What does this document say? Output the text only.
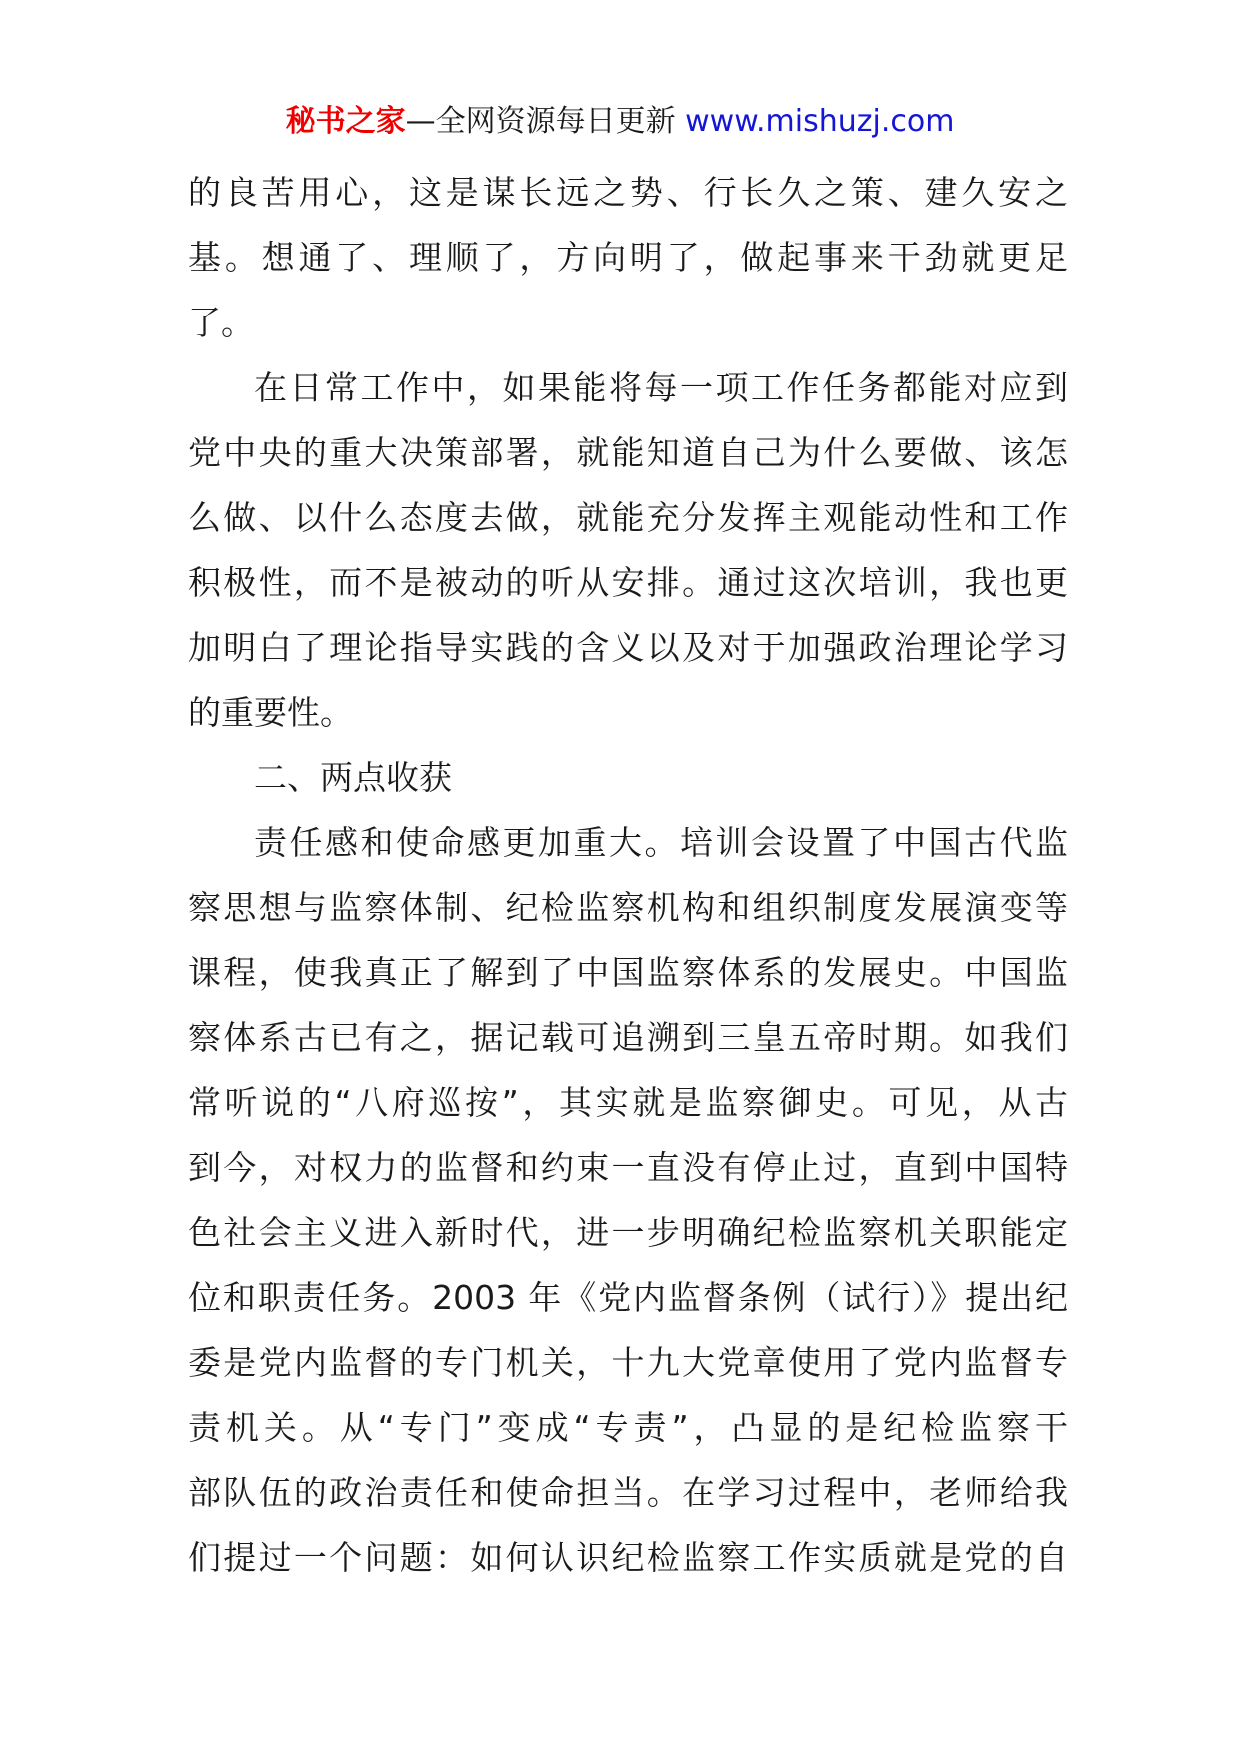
秘书之家—全网资源每日更新 www.mishuzj.com
的良苦用心，这是谋长远之势、行长久之策、建久安之
基。想通了、理顺了，方向明了，做起事来干劲就更足
了。
在日常工作中，如果能将每一项工作任务都能对应到
党中央的重大决策部署，就能知道自己为什么要做、该怎
么做、以什么态度去做，就能充分发挥主观能动性和工作
积极性，而不是被动的听从安排。通过这次培训，我也更
加明白了理论指导实践的含义以及对于加强政治理论学习
的重要性。
二、两点收获
责任感和使命感更加重大。培训会设置了中国古代监
察思想与监察体制、纪检监察机构和组织制度发展演变等
课程，使我真正了解到了中国监察体系的发展史。中国监
察体系古已有之，据记载可追溯到三皇五帝时期。如我们
常听说的“八府巡按”，其实就是监察御史。可见，从古
到今，对权力的监督和约束一直没有停止过，直到中国特
色社会主义进入新时代，进一步明确纪检监察机关职能定
位和职责任务。2003 年《党内监督条例（试行）》提出纪
委是党内监督的专门机关，十九大党章使用了党内监督专
责机关。从“专门”变成“专责”，凸显的是纪检监察干
部队伍的政治责任和使命担当。在学习过程中，老师给我
们提过一个问题：如何认识纪检监察工作实质就是党的自
